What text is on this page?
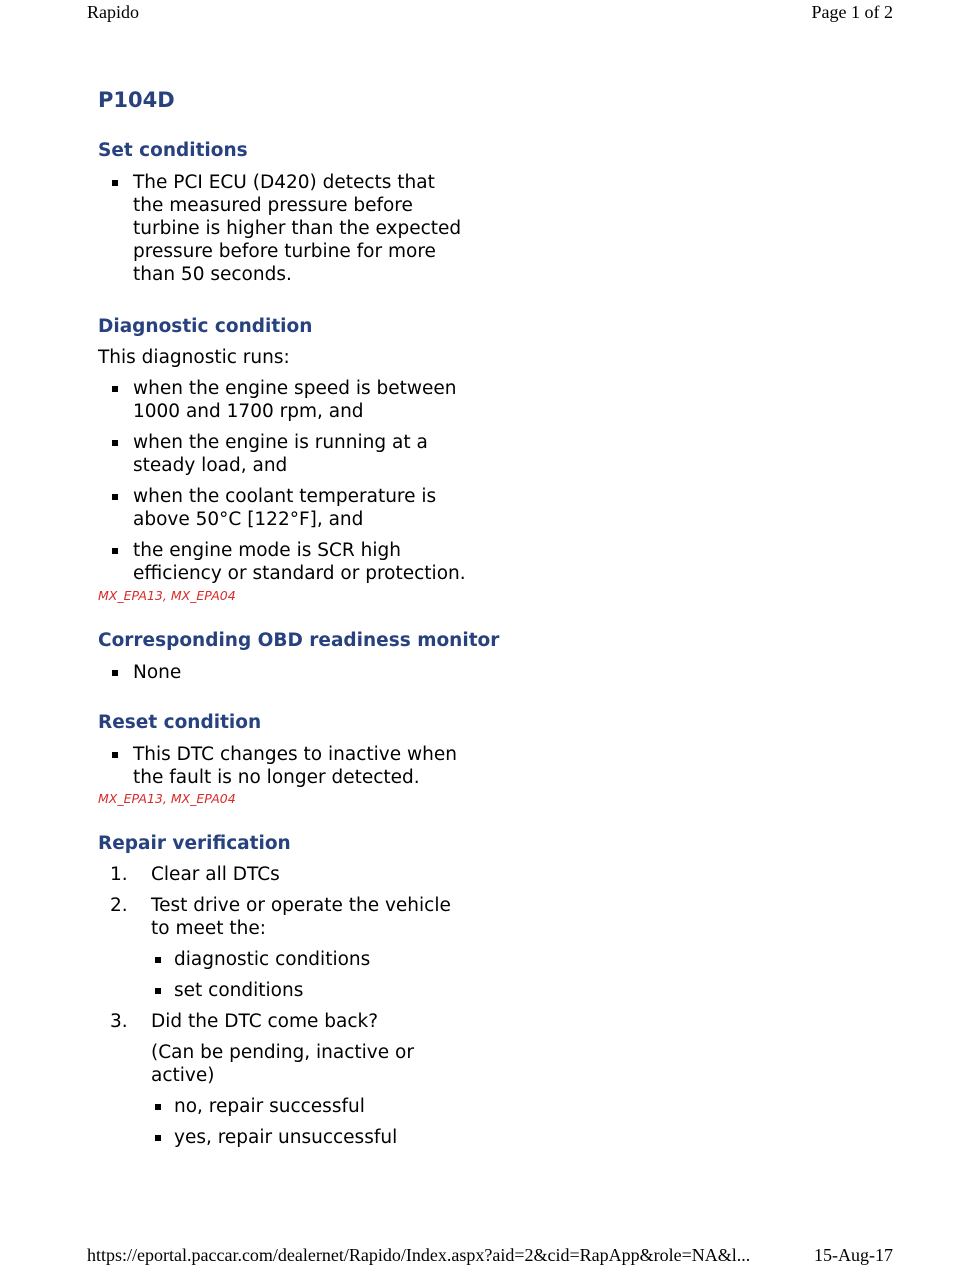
Rapido	Page 1 of 2
P104D
Set conditions
The PCI ECU (D420) detects that
the measured pressure before
turbine is higher than the expected
pressure before turbine for more
than 50 seconds.
Diagnostic condition
This diagnostic runs:
when the engine speed is between
1000 and 1700 rpm, and
when the engine is running at a
steady load, and
when the coolant temperature is
above 50°C [122°F], and
the engine mode is SCR high
efficiency or standard or protection.
MX_EPA13, MX_EPA04
Corresponding OBD readiness monitor
None
Reset condition
This DTC changes to inactive when
the fault is no longer detected.
MX_EPA13, MX_EPA04
Repair verification
1. Clear all DTCs
2. Test drive or operate the vehicle
to meet the:
diagnostic conditions
set conditions
3. Did the DTC come back?
(Can be pending, inactive or
active)
no, repair successful
yes, repair unsuccessful
https://eportal.paccar.com/dealernet/Rapido/Index.aspx?aid=2&cid=RapApp&role=NA&l...	15-Aug-17
